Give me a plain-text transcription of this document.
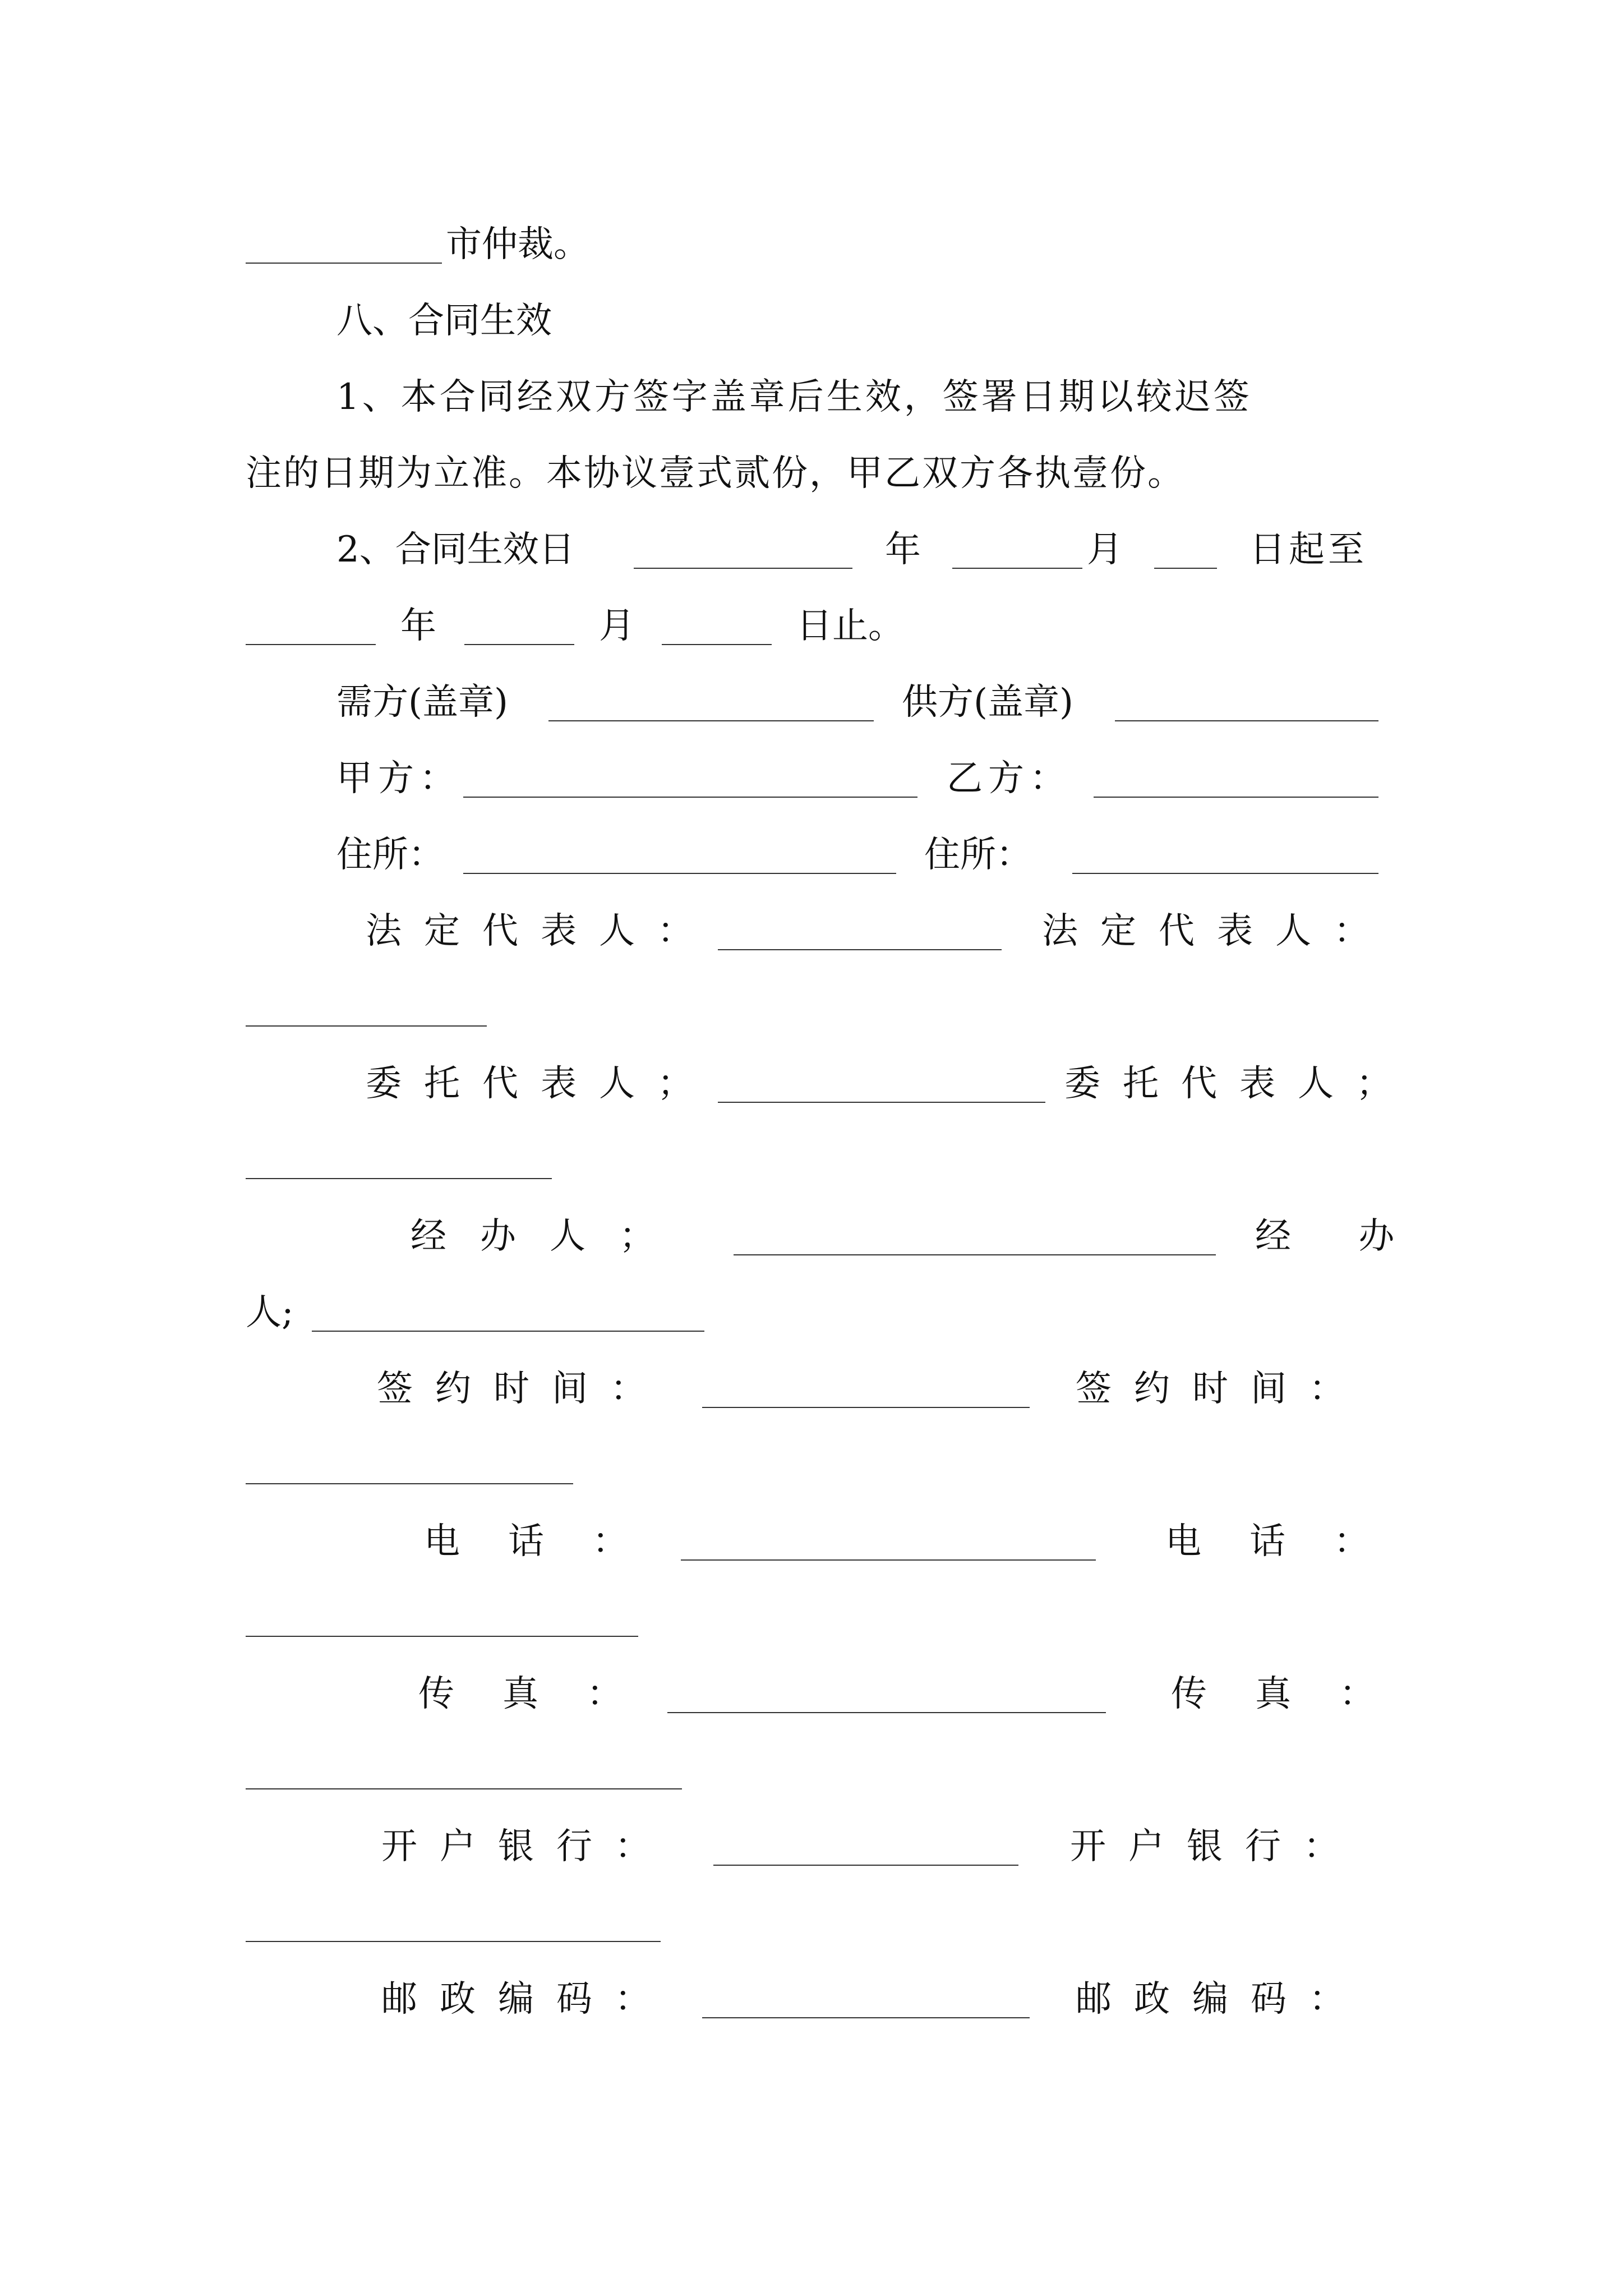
市仲裁。
八、合同生效
1、本合同经双方签字盖章后生效，签署日期以较迟签
注的日期为立准。本协议壹式贰份，甲乙双方各执壹份。
2、合同生效日	年	月	日起至
年	月	日止。
需方(盖章)	供方(盖章)
甲方：	乙方：
住所：	住所：
法定代表人：	法定代表人：
委托代表人；	委托代表人；
经办人；	经 办
人;
签约时间：	签约时间：
电话：	电话：
传真：	传真：
开户银行：	开户银行：
邮政编码：	邮政编码：
